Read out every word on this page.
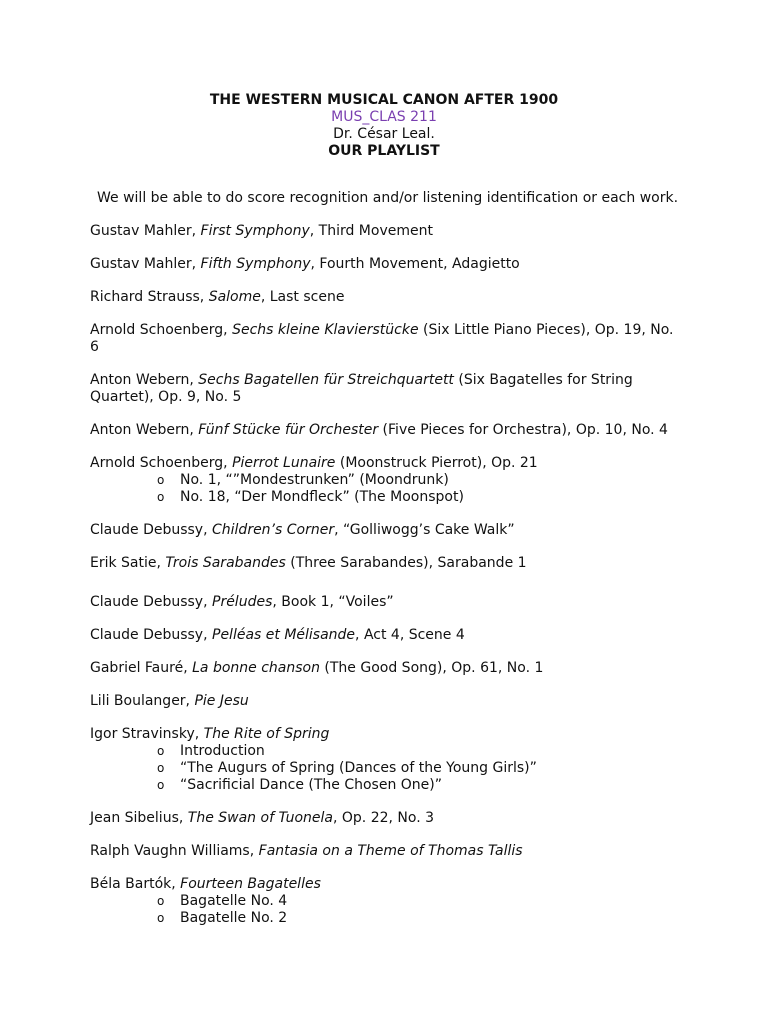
THE WESTERN MUSICAL CANON AFTER 1900
MUS_CLAS 211
Dr. César Leal.
OUR PLAYLIST
We will be able to do score recognition and/or listening identification or each work.
Gustav Mahler, First Symphony, Third Movement
Gustav Mahler, Fifth Symphony, Fourth Movement, Adagietto
Richard Strauss, Salome, Last scene
Arnold Schoenberg, Sechs kleine Klavierstücke (Six Little Piano Pieces), Op. 19, No. 6
Anton Webern, Sechs Bagatellen für Streichquartett (Six Bagatelles for String Quartet), Op. 9, No. 5
Anton Webern, Fünf Stücke für Orchester (Five Pieces for Orchestra), Op. 10, No. 4
Arnold Schoenberg, Pierrot Lunaire (Moonstruck Pierrot), Op. 21
o No. 1, “”Mondestrunken” (Moondrunk)
o No. 18, “Der Mondfleck” (The Moonspot)
Claude Debussy, Children’s Corner, “Golliwogg’s Cake Walk”
Erik Satie, Trois Sarabandes (Three Sarabandes), Sarabande 1
Claude Debussy, Préludes, Book 1, “Voiles”
Claude Debussy, Pelléas et Mélisande, Act 4, Scene 4
Gabriel Fauré, La bonne chanson (The Good Song), Op. 61, No. 1
Lili Boulanger, Pie Jesu
Igor Stravinsky, The Rite of Spring
o Introduction
o “The Augurs of Spring (Dances of the Young Girls)”
o “Sacrificial Dance (The Chosen One)”
Jean Sibelius, The Swan of Tuonela, Op. 22, No. 3
Ralph Vaughn Williams, Fantasia on a Theme of Thomas Tallis
Béla Bartók, Fourteen Bagatelles
o Bagatelle No. 4
o Bagatelle No. 2
